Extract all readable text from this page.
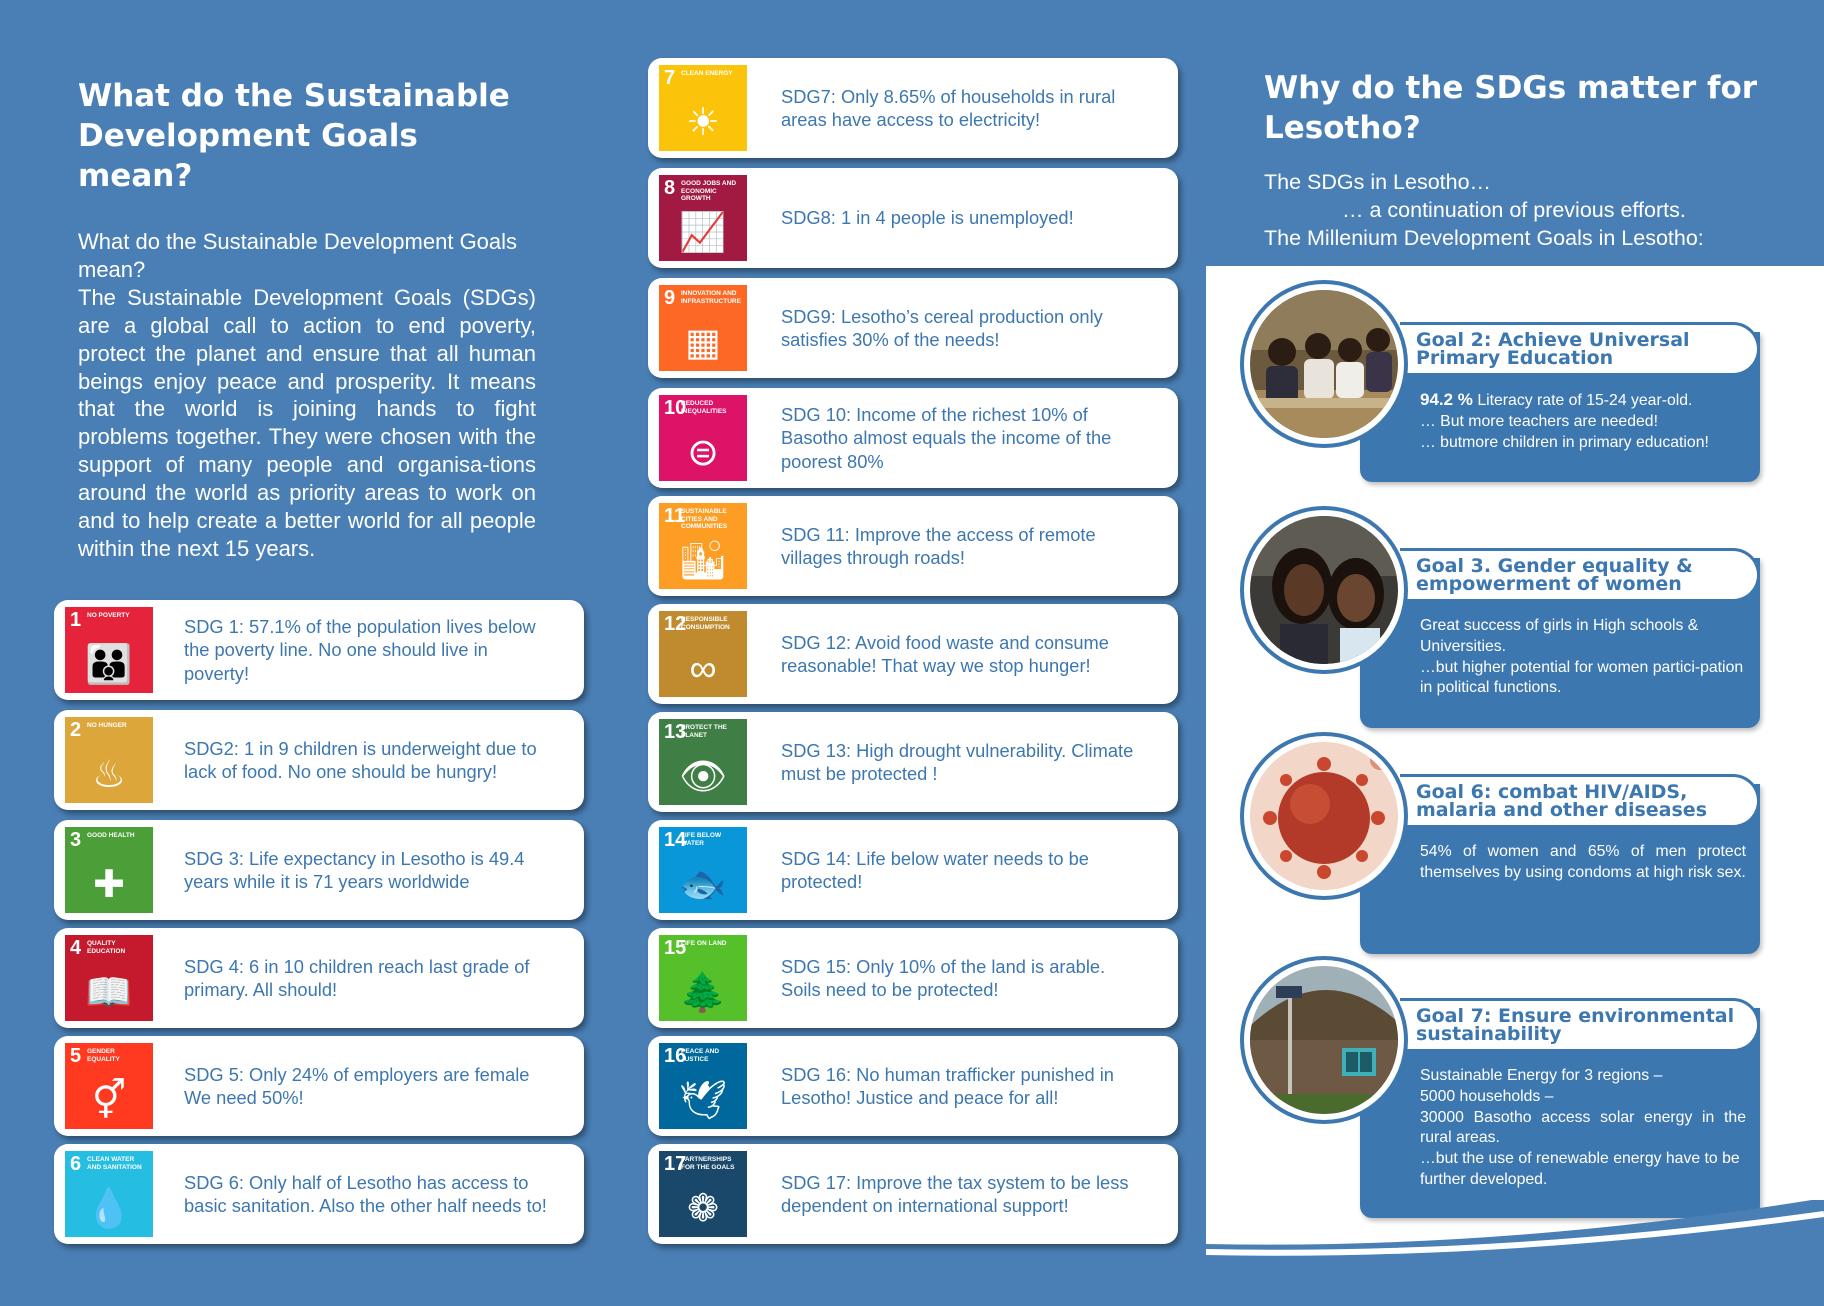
What do the Sustainable Development Goals mean?

What do the Sustainable Development Goals mean?

The Sustainable Development Goals (SDGs) are a global call to action to end poverty, protect the planet and ensure that all human beings enjoy peace and prosperity. It means that the world is joining hands to fight problems together. They were chosen with the support of many people and organisa-tions around the world as priority areas to work on and to help create a better world for all people within the next 15 years.

1 NO POVERTY
👪
SDG 1: 57.1% of the population lives below the poverty line. No one should live in poverty!
2 NO HUNGER
♨
SDG2: 1 in 9 children is underweight due to lack of food. No one should be hungry!
3 GOOD HEALTH
✚
SDG 3: Life expectancy in Lesotho is 49.4 years while it is 71 years worldwide
4 QUALITY EDUCATION
📖
SDG 4: 6 in 10 children reach last grade of primary. All should!
5 GENDER EQUALITY
⚥
SDG 5: Only 24% of employers are female We need 50%!
6 CLEAN WATER AND SANITATION
💧
SDG 6: Only half of Lesotho has access to basic sanitation. Also the other half needs to!
7 CLEAN ENERGY
☀
SDG7: Only 8.65% of households in rural areas have access to electricity!
8 GOOD JOBS AND ECONOMIC GROWTH
📈	SDG8: 1 in 4 people is unemployed!
9 INNOVATION AND INFRASTRUCTURE
▦
SDG9: Lesotho’s cereal production only satisfies 30% of the needs!
10
REDUCED INEQUALITIES
⊜
SDG 10: Income of the richest 10% of Basotho almost equals the income of the poorest 80%
11
SUSTAINABLE CITIES AND COMMUNITIES
🏙
SDG 11: Improve the access of remote villages through roads!
12
RESPONSIBLE CONSUMPTION
∞
SDG 12: Avoid food waste and consume reasonable! That way we stop hunger!
13
PROTECT THE PLANET
👁
SDG 13: High drought vulnerability. Climate must be protected !
14
LIFE BELOW WATER
🐟
SDG 14: Life below water needs to be protected!
15
LIFE ON LAND
🌲
SDG 15: Only 10% of the land is arable. Soils need to be protected!
16
PEACE AND JUSTICE
🕊
SDG 16: No human trafficker punished in Lesotho! Justice and peace for all!
17
PARTNERSHIPS FOR THE GOALS
❁
SDG 17: Improve the tax system to be less dependent on international support!
Why do the SDGs matter for Lesotho?
The SDGs in Lesotho…
… a continuation of previous efforts.
The Millenium Development Goals in Lesotho:
Goal 2: Achieve Universal Primary Education
94.2 % Literacy rate of 15-24 year-old.
… But more teachers are needed!
… butmore children in primary education!
Goal 3. Gender equality & empowerment of women
Great success of girls in High schools & Universities.
…but higher potential for women partici-pation in political functions.
Goal 6: combat HIV/AIDS, malaria and other diseases
54% of women and 65% of men protect themselves by using condoms at high risk sex.
Goal 7: Ensure environmental sustainability
Sustainable Energy for 3 regions –
5000 households –
30000 Basotho access solar energy in the rural areas.
…but the use of renewable energy have to be further developed.
